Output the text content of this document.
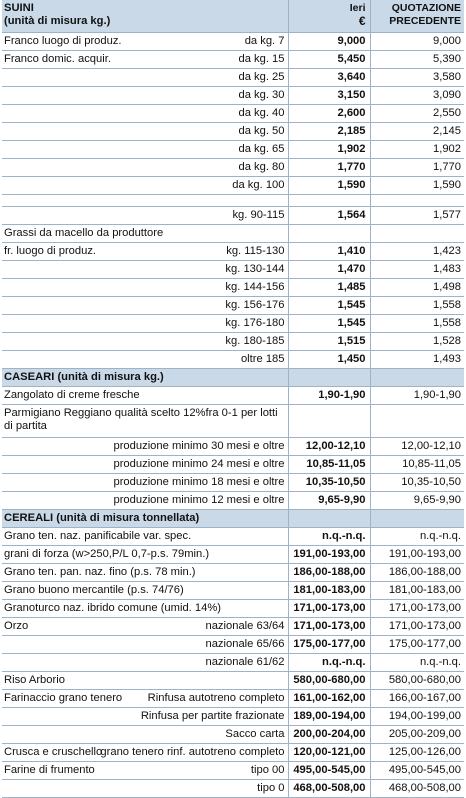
SUINI
(unità di misura kg.)	Ieri
€	QUOTAZIONE
PRECEDENTE

Franco luogo di produz. da kg. 7	9,000	9,000

Franco domic. acquir. da kg. 15	5,450	5,390

da kg. 25	3,640	3,580

da kg. 30	3,150	3,090

da kg. 40	2,600	2,550

da kg. 50	2,185	2,145

da kg. 65	1,902	1,902

da kg. 80	1,770	1,770

da kg. 100	1,590	1,590

kg. 90-115	1,564	1,577
Grassi da macello da produttore		

fr. luogo di produz. kg. 115-130	1,410	1,423

kg. 130-144	1,470	1,483

kg. 144-156	1,485	1,498

kg. 156-176	1,545	1,558

kg. 176-180	1,545	1,558

kg. 180-185	1,515	1,528

oltre 185	1,450	1,493
CASEARI (unità di misura kg.)		

Zangolato di creme fresche	1,90-1,90	1,90-1,90
Parmigiano Reggiano qualità scelto 12%fra 0-1 per lotti di partita		

produzione minimo 30 mesi e oltre	12,00-12,10	12,00-12,10

produzione minimo 24 mesi e oltre	10,85-11,05	10,85-11,05

produzione minimo 18 mesi e oltre	10,35-10,50	10,35-10,50

produzione minimo 12 mesi e oltre	9,65-9,90	9,65-9,90
CEREALI (unità di misura tonnellata)		

Grano ten. naz. panificabile var. spec.	n.q.-n.q.	n.q.-n.q.

grani di forza (w>250,P/L 0,7-p.s. 79min.)	191,00-193,00	191,00-193,00

Grano ten. pan. naz. fino (p.s. 78 min.)	186,00-188,00	186,00-188,00

Grano buono mercantile (p.s. 74/76)	181,00-183,00	181,00-183,00

Granoturco naz. ibrido comune (umid. 14%)	171,00-173,00	171,00-173,00

Orzo nazionale 63/64	171,00-173,00	171,00-173,00

nazionale 65/66	175,00-177,00	175,00-177,00

nazionale 61/62	n.q.-n.q.	n.q.-n.q.

Riso Arborio	580,00-680,00	580,00-680,00

Farinaccio grano tenero Rinfusa autotreno completo	161,00-162,00	166,00-167,00

Rinfusa per partite frazionate	189,00-194,00	194,00-199,00

Sacco carta	200,00-204,00	205,00-209,00

Crusca e cruschello
grano tenero rinf. autotreno completo	120,00-121,00	125,00-126,00

Farine di frumento tipo 00	495,00-545,00	495,00-545,00

tipo 0	468,00-508,00	468,00-508,00
